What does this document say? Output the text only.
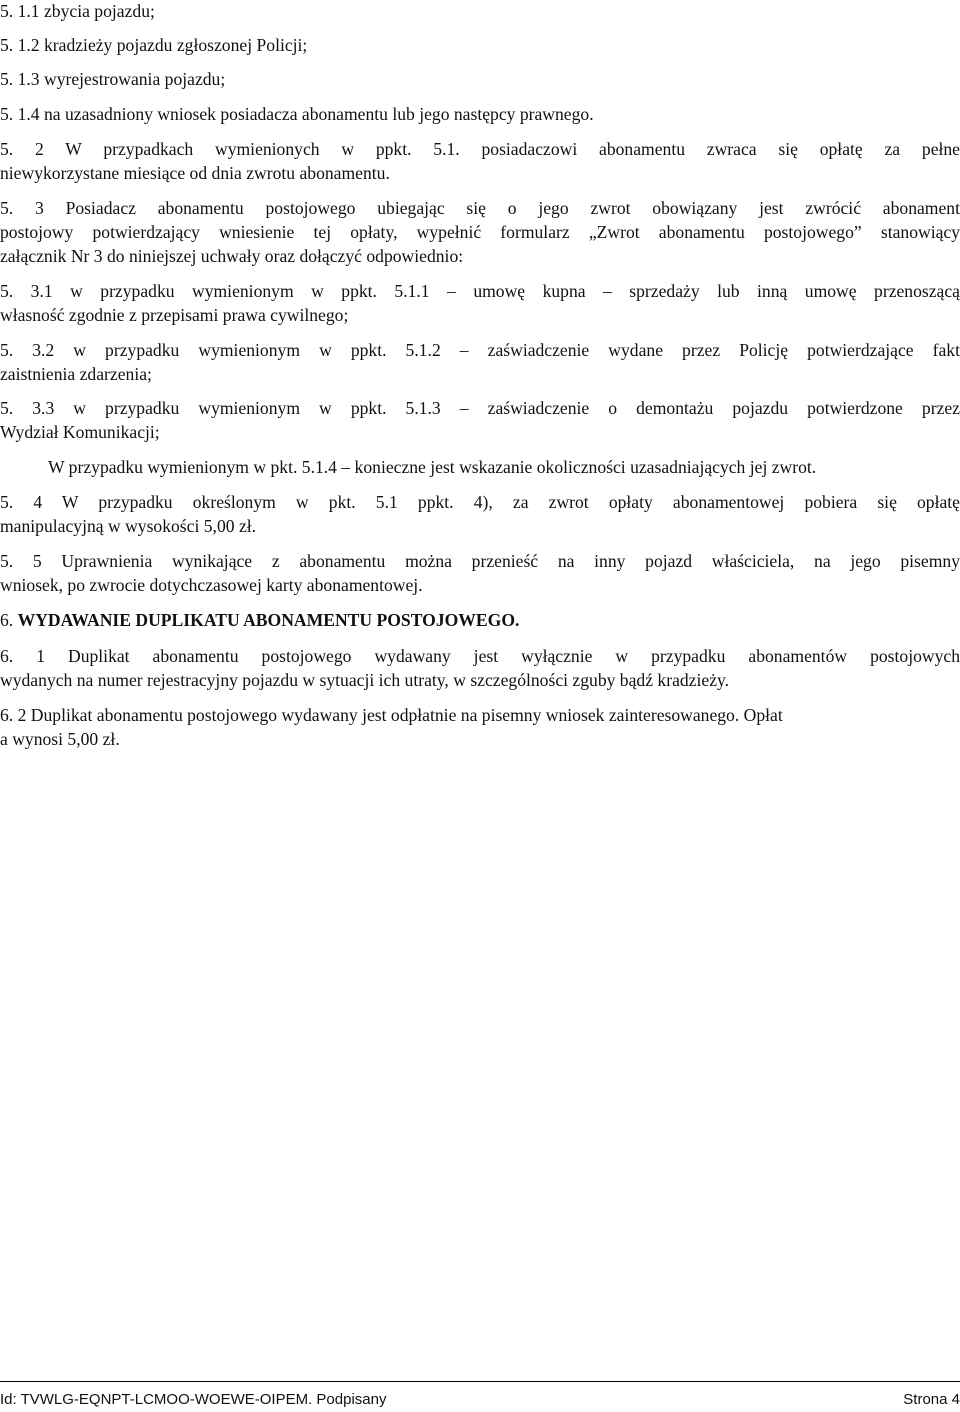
5. 1.1 zbycia pojazdu;
5. 1.2 kradzieży pojazdu zgłoszonej Policji;
5. 1.3 wyrejestrowania pojazdu;
5. 1.4 na uzasadniony wniosek posiadacza abonamentu lub jego następcy prawnego.
5. 2 W przypadkach wymienionych w ppkt. 5.1. posiadaczowi abonamentu zwraca się opłatę za pełne
niewykorzystane miesiące od dnia zwrotu abonamentu.
5. 3 Posiadacz abonamentu postojowego ubiegając się o jego zwrot obowiązany jest zwrócić abonament
postojowy potwierdzający wniesienie tej opłaty, wypełnić formularz „Zwrot abonamentu postojowego” stanowiący
załącznik Nr 3 do niniejszej uchwały oraz dołączyć odpowiednio:
5. 3.1 w przypadku wymienionym w ppkt. 5.1.1 – umowę kupna – sprzedaży lub inną umowę przenoszącą
własność zgodnie z przepisami prawa cywilnego;
5. 3.2 w przypadku wymienionym w ppkt. 5.1.2 – zaświadczenie wydane przez Policję potwierdzające fakt
zaistnienia zdarzenia;
5. 3.3 w przypadku wymienionym w ppkt. 5.1.3 – zaświadczenie o demontażu pojazdu potwierdzone przez
Wydział Komunikacji;
W przypadku wymienionym w pkt. 5.1.4 – konieczne jest wskazanie okoliczności uzasadniających jej zwrot.
5. 4 W przypadku określonym w pkt. 5.1 ppkt. 4), za zwrot opłaty abonamentowej pobiera się opłatę
manipulacyjną w wysokości 5,00 zł.
5. 5 Uprawnienia wynikające z abonamentu można przenieść na inny pojazd właściciela, na jego pisemny
wniosek, po zwrocie dotychczasowej karty abonamentowej.
6. WYDAWANIE DUPLIKATU ABONAMENTU POSTOJOWEGO.
6. 1 Duplikat abonamentu postojowego wydawany jest wyłącznie w przypadku abonamentów postojowych
wydanych na numer rejestracyjny pojazdu w sytuacji ich utraty, w szczególności zguby bądź kradzieży.
6. 2 Duplikat abonamentu postojowego wydawany jest odpłatnie na pisemny wniosek zainteresowanego. Opłat
a wynosi 5,00 zł.
Id: TVWLG-EQNPT-LCMOO-WOEWE-OIPEM. Podpisany	Strona 4
